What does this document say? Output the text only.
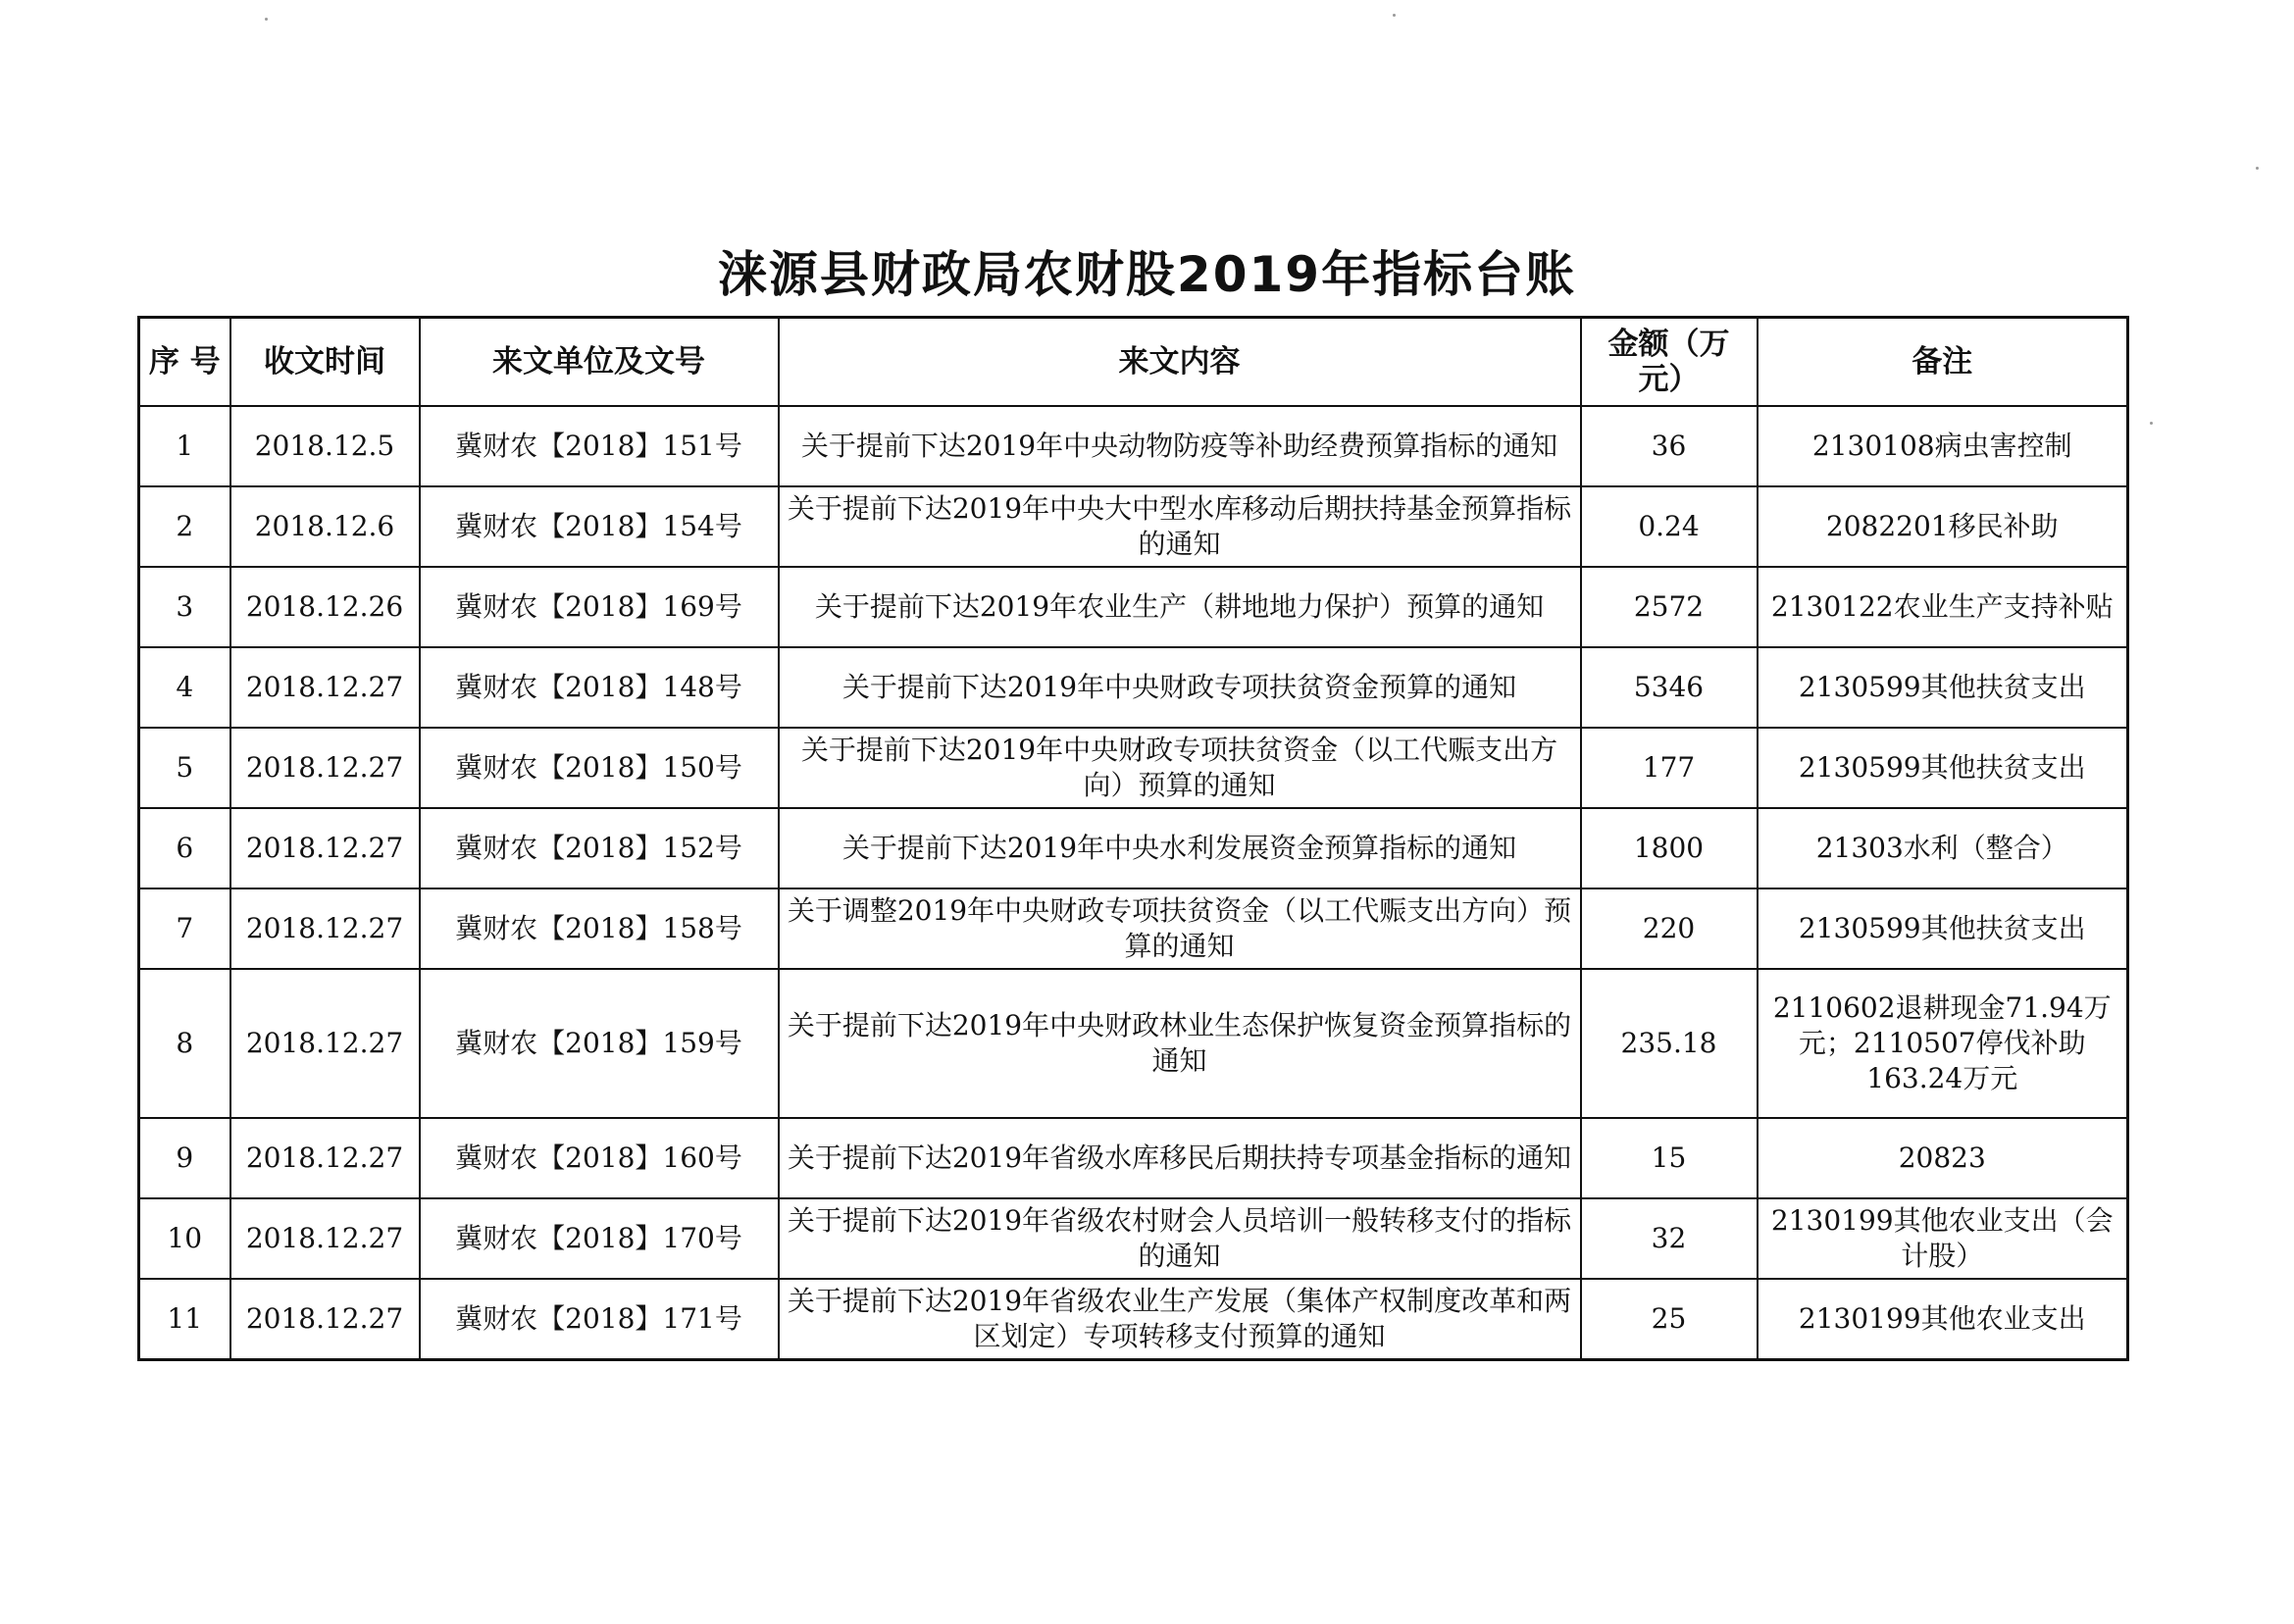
涞源县财政局农财股2019年指标台账
序 号	收文时间	来文单位及文号	来文内容	金额（万元）	备注
1	2018.12.5	冀财农【2018】151号	关于提前下达2019年中央动物防疫等补助经费预算指标的通知	36	2130108病虫害控制
2	2018.12.6	冀财农【2018】154号	关于提前下达2019年中央大中型水库移动后期扶持基金预算指标的通知	0.24	2082201移民补助
3	2018.12.26	冀财农【2018】169号	关于提前下达2019年农业生产（耕地地力保护）预算的通知	2572	2130122农业生产支持补贴
4	2018.12.27	冀财农【2018】148号	关于提前下达2019年中央财政专项扶贫资金预算的通知	5346	2130599其他扶贫支出
5	2018.12.27	冀财农【2018】150号	关于提前下达2019年中央财政专项扶贫资金（以工代赈支出方向）预算的通知	177	2130599其他扶贫支出
6	2018.12.27	冀财农【2018】152号	关于提前下达2019年中央水利发展资金预算指标的通知	1800	21303水利（整合）
7	2018.12.27	冀财农【2018】158号	关于调整2019年中央财政专项扶贫资金（以工代赈支出方向）预算的通知	220	2130599其他扶贫支出
8	2018.12.27	冀财农【2018】159号	关于提前下达2019年中央财政林业生态保护恢复资金预算指标的通知	235.18	2110602退耕现金71.94万元；2110507停伐补助163.24万元
9	2018.12.27	冀财农【2018】160号	关于提前下达2019年省级水库移民后期扶持专项基金指标的通知	15	20823
10	2018.12.27	冀财农【2018】170号	关于提前下达2019年省级农村财会人员培训一般转移支付的指标的通知	32	2130199其他农业支出（会计股）
11	2018.12.27	冀财农【2018】171号	关于提前下达2019年省级农业生产发展（集体产权制度改革和两区划定）专项转移支付预算的通知	25	2130199其他农业支出
